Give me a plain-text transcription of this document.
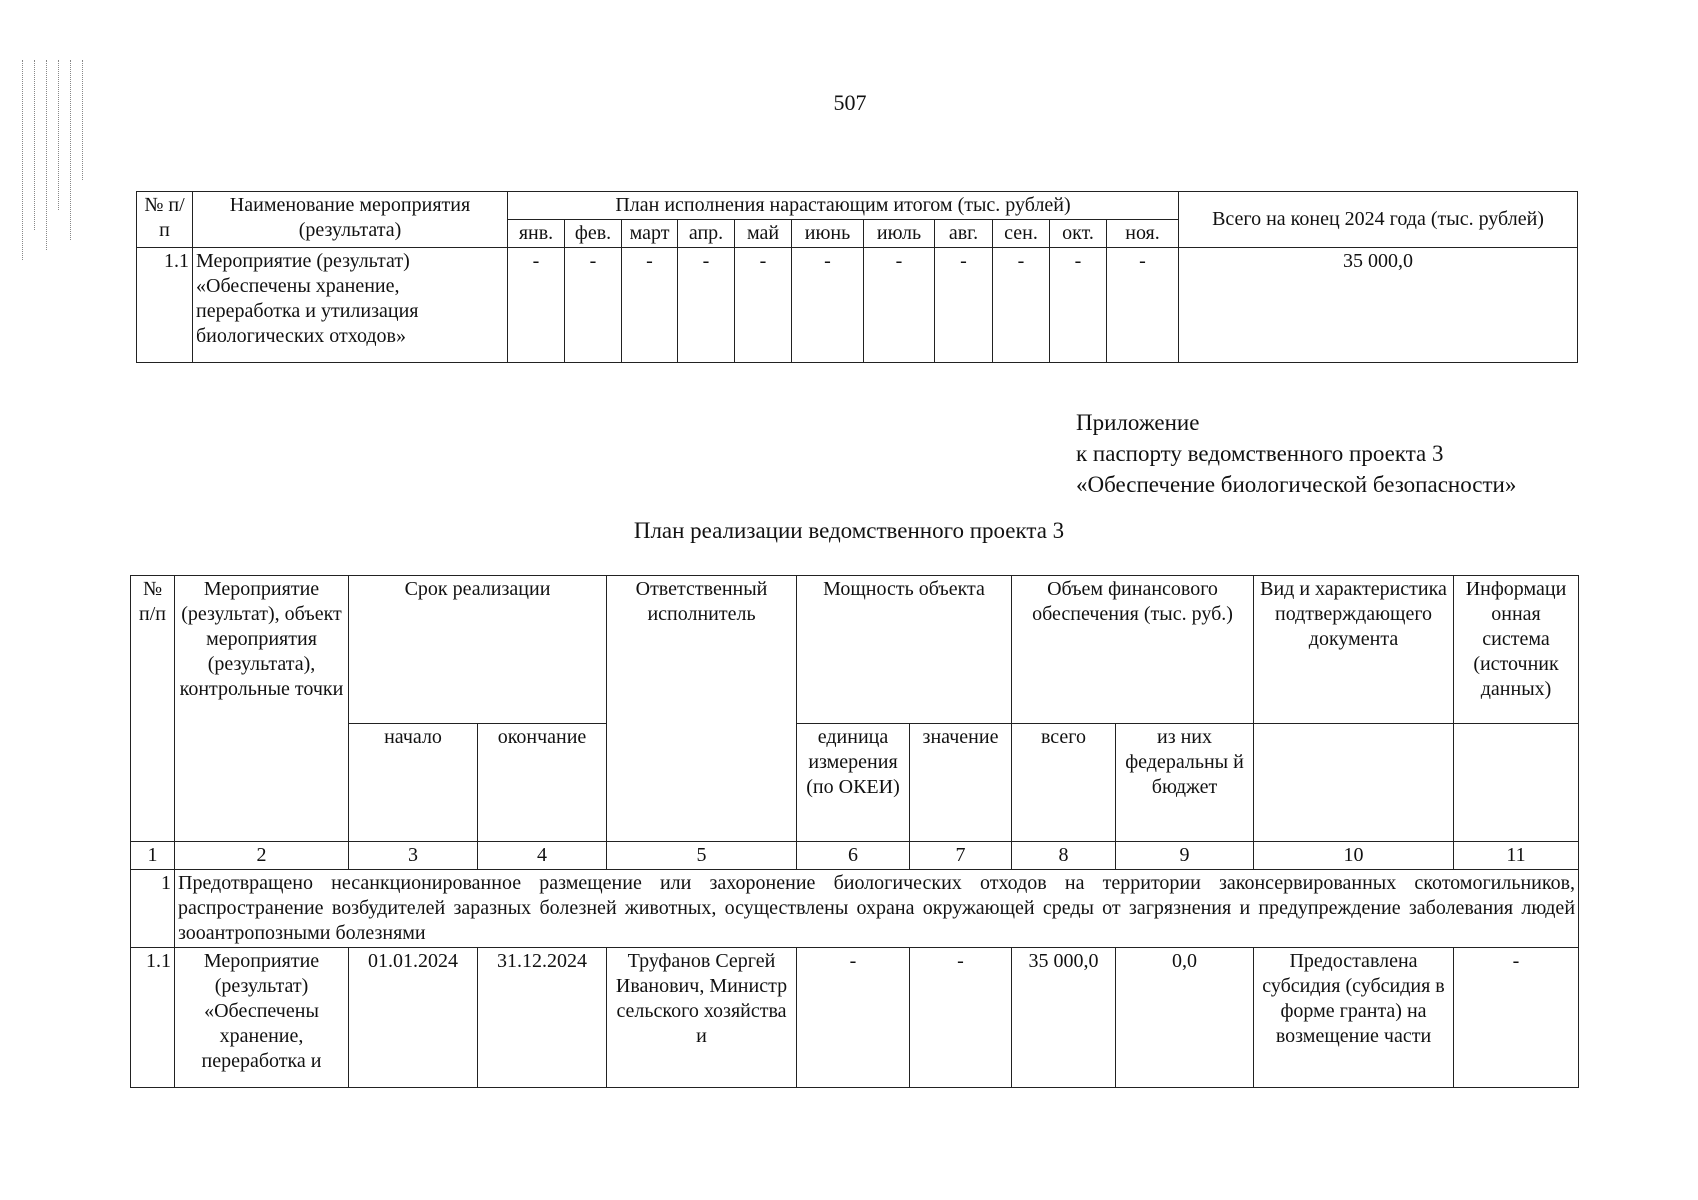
507
№ п/п	Наименование мероприятия (результата)	План исполнения нарастающим итогом (тыс. рублей)											Всего на конец 2024 года (тыс. рублей)
		янв.	фев.	март	апр.	май	июнь	июль	авг.	сен.	окт.	ноя.	
1.1	Мероприятие (результат) «Обеспечены хранение, переработка и утилизация биологических отходов»	-	-	-	-	-	-	-	-	-	-	-	35 000,0
Приложение
к паспорту ведомственного проекта 3
«Обеспечение биологической безопасности»
План реализации ведомственного проекта 3
№ п/п	Мероприятие (результат), объект мероприятия (результата), контрольные точки	Срок реализации		Ответственный исполнитель	Мощность объекта		Объем финансового обеспечения (тыс. руб.)		Вид и характеристика подтверждающего документа	Информаци онная система (источник данных)
		начало	окончание		единица измерения (по ОКЕИ)	значение	всего	из них федеральны й бюджет		
1	2	3	4	5	6	7	8	9	10	11
1	Предотвращено несанкционированное размещение или захоронение биологических отходов на территории законсервированных скотомогильников, распространение возбудителей заразных болезней животных, осуществлены охрана окружающей среды от загрязнения и предупреждение заболевания людей зооантропозными болезнями									
1.1	Мероприятие (результат) «Обеспечены хранение, переработка и	01.01.2024	31.12.2024	Труфанов Сергей Иванович, Министр сельского хозяйства и	-	-	35 000,0	0,0	Предоставлена субсидия (субсидия в форме гранта) на возмещение части	-
